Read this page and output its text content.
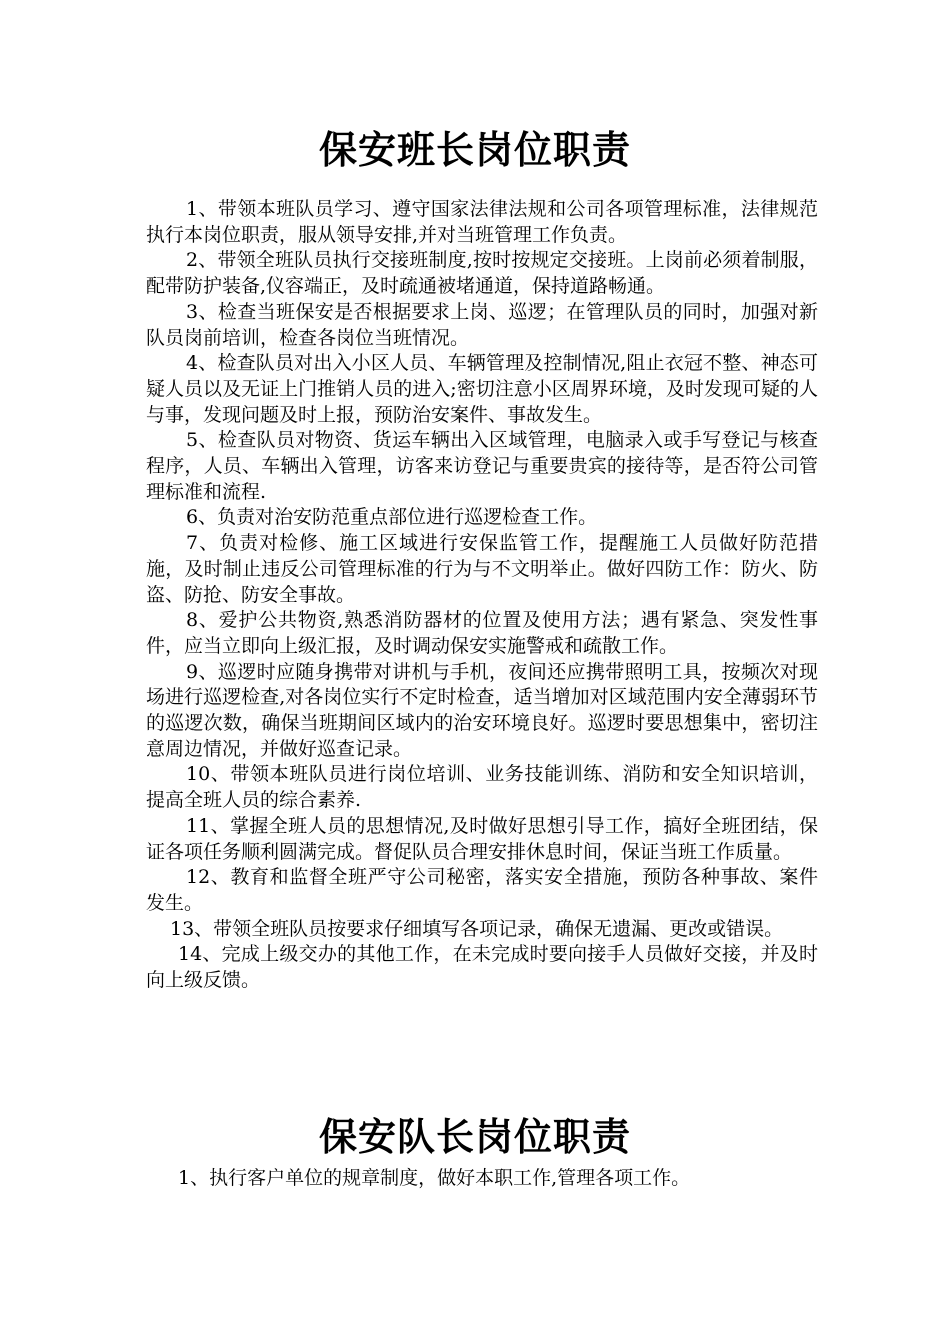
保安班长岗位职责

1、带领本班队员学习、遵守国家法律法规和公司各项管理标准，法律规范执行本岗位职责，服从领导安排,并对当班管理工作负责。

2、带领全班队员执行交接班制度,按时按规定交接班。上岗前必须着制服，配带防护装备,仪容端正，及时疏通被堵通道，保持道路畅通。

3、检查当班保安是否根据要求上岗、巡逻；在管理队员的同时，加强对新队员岗前培训，检查各岗位当班情况。

4、检查队员对出入小区人员、车辆管理及控制情况,阻止衣冠不整、神态可疑人员以及无证上门推销人员的进入;密切注意小区周界环境，及时发现可疑的人与事，发现问题及时上报，预防治安案件、事故发生。

5、检查队员对物资、货运车辆出入区域管理，电脑录入或手写登记与核查程序，人员、车辆出入管理，访客来访登记与重要贵宾的接待等，是否符公司管理标准和流程.

6、负责对治安防范重点部位进行巡逻检查工作。

7、负责对检修、施工区域进行安保监管工作，提醒施工人员做好防范措施，及时制止违反公司管理标准的行为与不文明举止。做好四防工作：防火、防盗、防抢、防安全事故。

8、爱护公共物资,熟悉消防器材的位置及使用方法；遇有紧急、突发性事件，应当立即向上级汇报，及时调动保安实施警戒和疏散工作。

9、巡逻时应随身携带对讲机与手机，夜间还应携带照明工具，按频次对现场进行巡逻检查,对各岗位实行不定时检查，适当增加对区域范围内安全薄弱环节的巡逻次数，确保当班期间区域内的治安环境良好。巡逻时要思想集中，密切注意周边情况，并做好巡查记录。

10、带领本班队员进行岗位培训、业务技能训练、消防和安全知识培训，提高全班人员的综合素养.

11、掌握全班人员的思想情况,及时做好思想引导工作，搞好全班团结，保证各项任务顺利圆满完成。督促队员合理安排休息时间，保证当班工作质量。

12、教育和监督全班严守公司秘密，落实安全措施，预防各种事故、案件发生。

13、带领全班队员按要求仔细填写各项记录，确保无遗漏、更改或错误。

14、完成上级交办的其他工作，在未完成时要向接手人员做好交接，并及时向上级反馈。

保安队长岗位职责

1、执行客户单位的规章制度，做好本职工作,管理各项工作。
